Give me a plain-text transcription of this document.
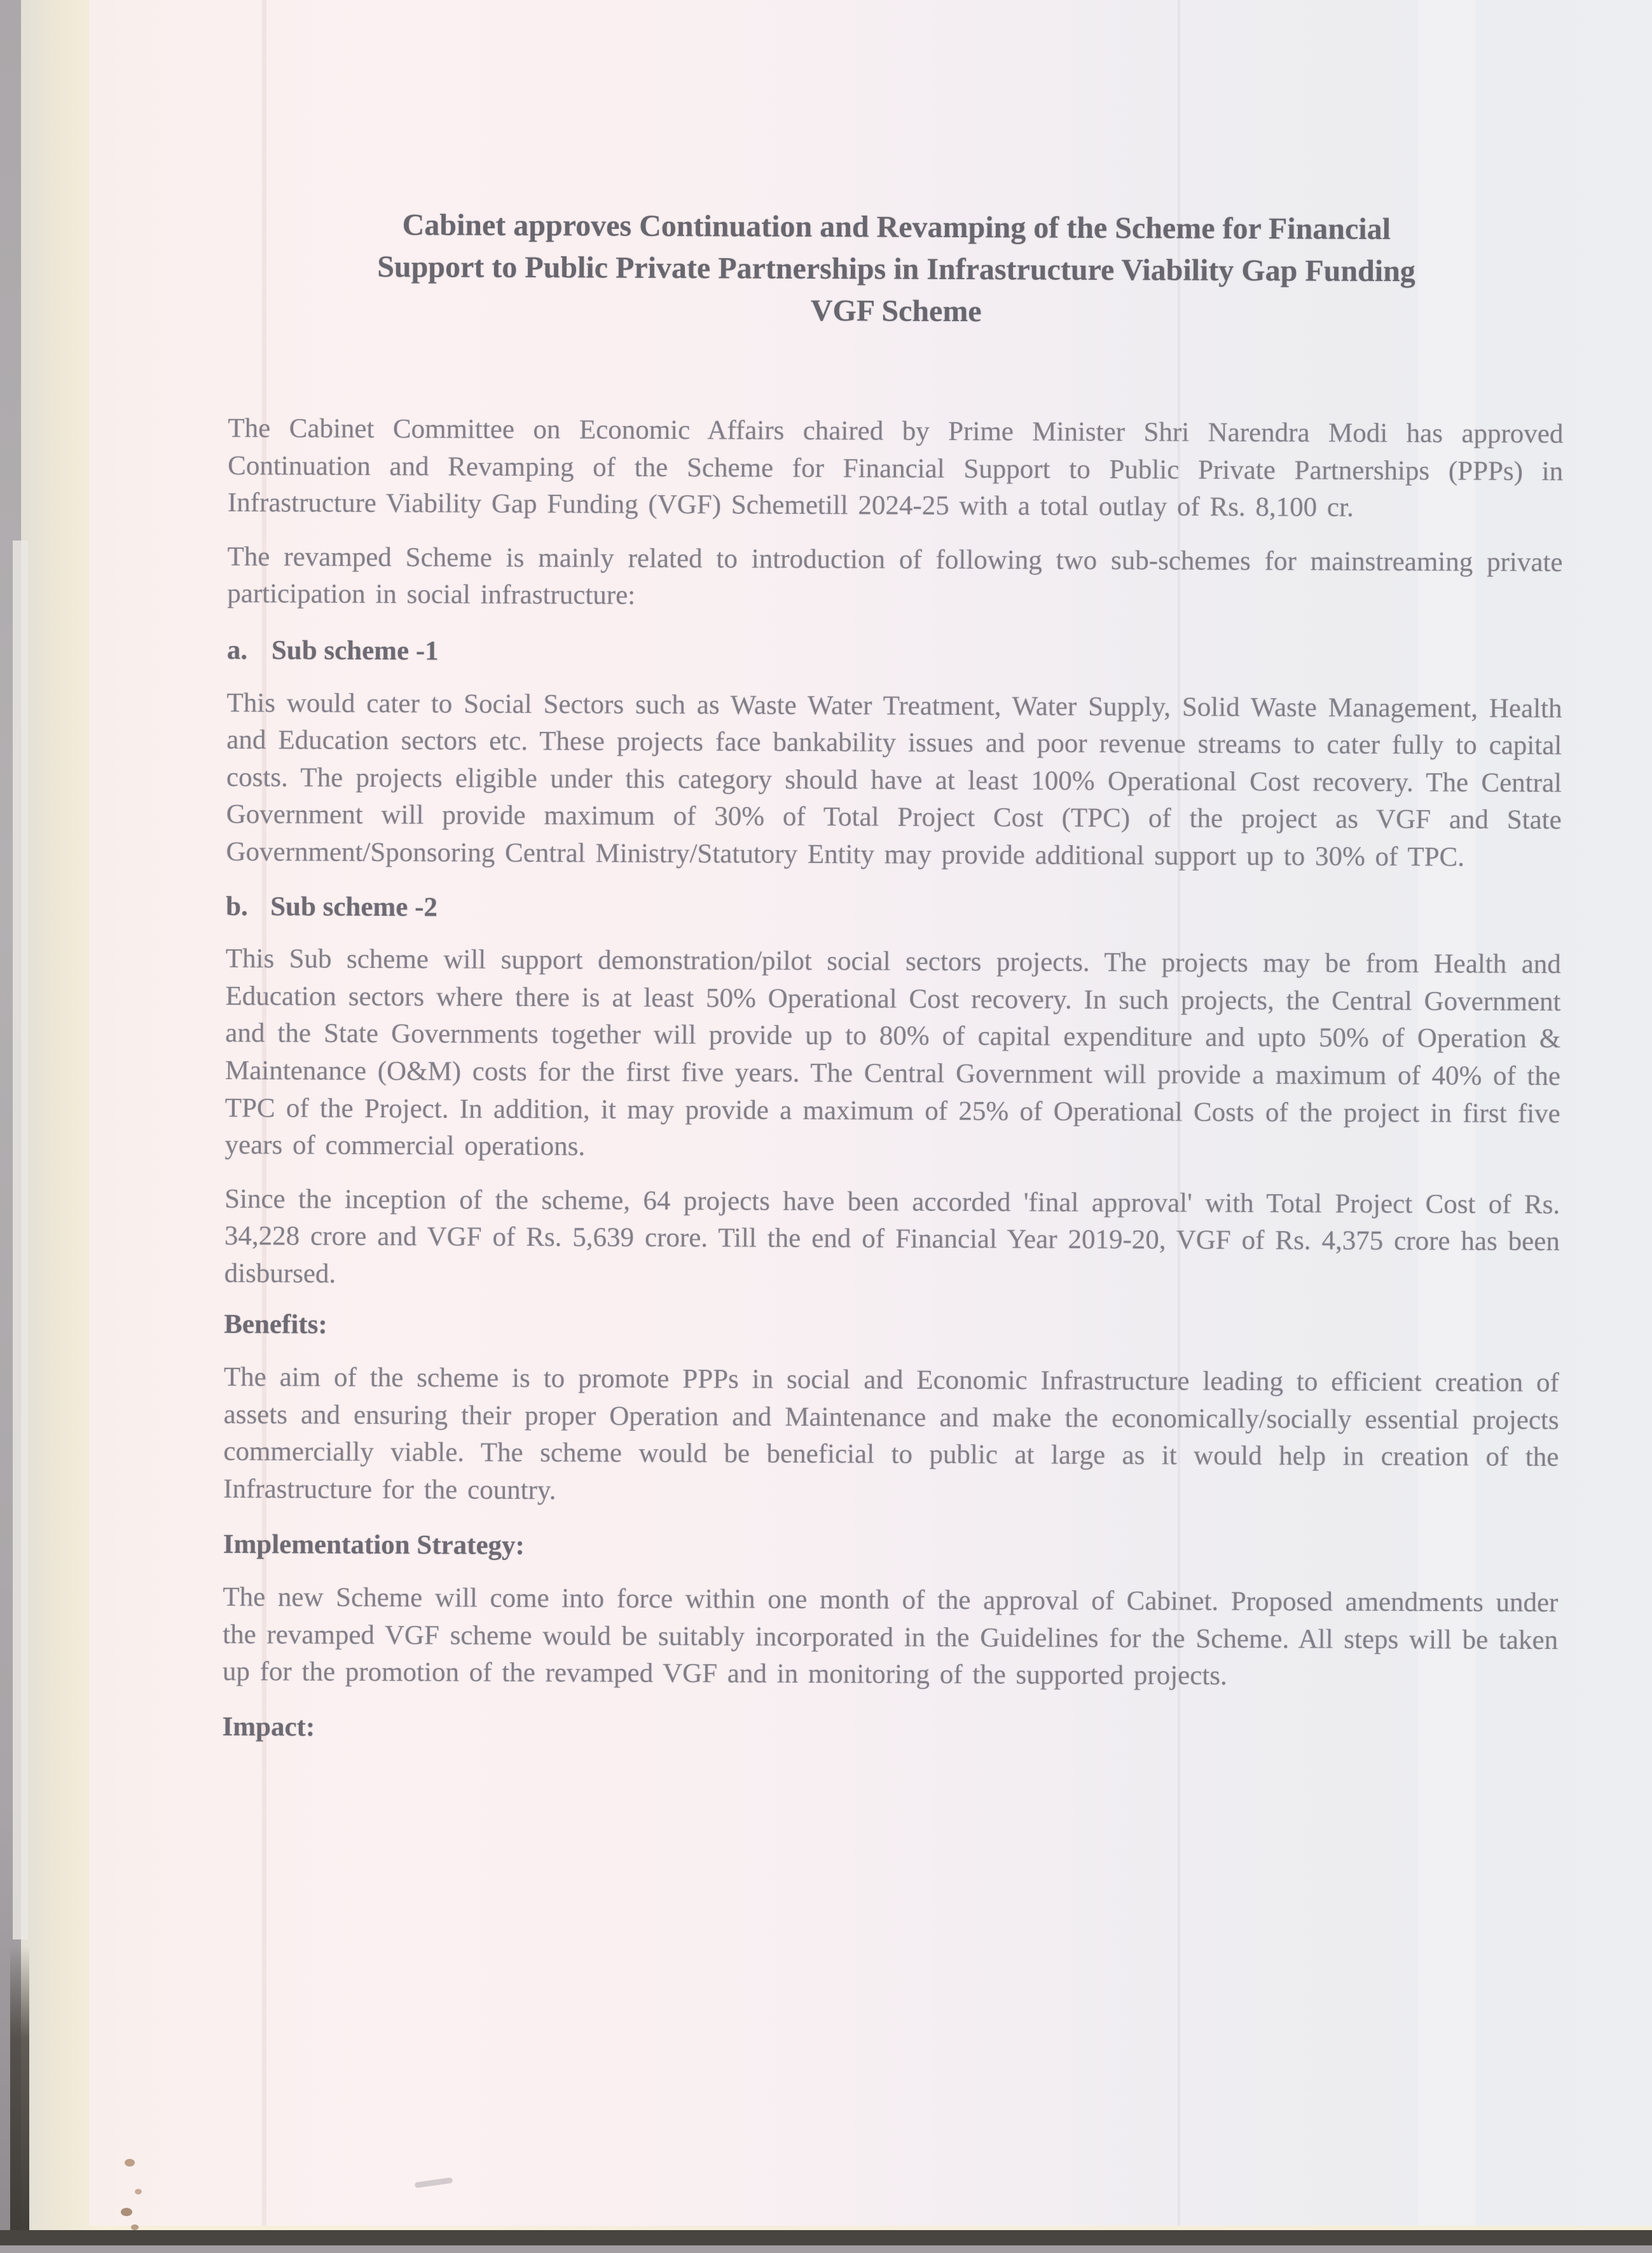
Cabinet approves Continuation and Revamping of the Scheme for Financial
Support to Public Private Partnerships in Infrastructure Viability Gap Funding
VGF Scheme

The Cabinet Committee on Economic Affairs chaired by Prime Minister Shri Narendra Modi has approved Continuation and Revamping of the Scheme for Financial Support to Public Private Partnerships (PPPs) in Infrastructure Viability Gap Funding (VGF) Schemetill 2024-25 with a total outlay of Rs. 8,100 cr.

The revamped Scheme is mainly related to introduction of following two sub-schemes for mainstreaming private participation in social infrastructure:

a. Sub scheme -1

This would cater to Social Sectors such as Waste Water Treatment, Water Supply, Solid Waste Management, Health and Education sectors etc. These projects face bankability issues and poor revenue streams to cater fully to capital costs. The projects eligible under this category should have at least 100% Operational Cost recovery. The Central Government will provide maximum of 30% of Total Project Cost (TPC) of the project as VGF and State Government/Sponsoring Central Ministry/Statutory Entity may provide additional support up to 30% of TPC.

b. Sub scheme -2

This Sub scheme will support demonstration/pilot social sectors projects. The projects may be from Health and Education sectors where there is at least 50% Operational Cost recovery. In such projects, the Central Government and the State Governments together will provide up to 80% of capital expenditure and upto 50% of Operation & Maintenance (O&M) costs for the first five years. The Central Government will provide a maximum of 40% of the TPC of the Project. In addition, it may provide a maximum of 25% of Operational Costs of the project in first five years of commercial operations.

Since the inception of the scheme, 64 projects have been accorded 'final approval' with Total Project Cost of Rs. 34,228 crore and VGF of Rs. 5,639 crore. Till the end of Financial Year 2019-20, VGF of Rs. 4,375 crore has been disbursed.

Benefits:

The aim of the scheme is to promote PPPs in social and Economic Infrastructure leading to efficient creation of assets and ensuring their proper Operation and Maintenance and make the economically/socially essential projects commercially viable. The scheme would be beneficial to public at large as it would help in creation of the Infrastructure for the country.

Implementation Strategy:

The new Scheme will come into force within one month of the approval of Cabinet. Proposed amendments under the revamped VGF scheme would be suitably incorporated in the Guidelines for the Scheme. All steps will be taken up for the promotion of the revamped VGF and in monitoring of the supported projects.

Impact:
